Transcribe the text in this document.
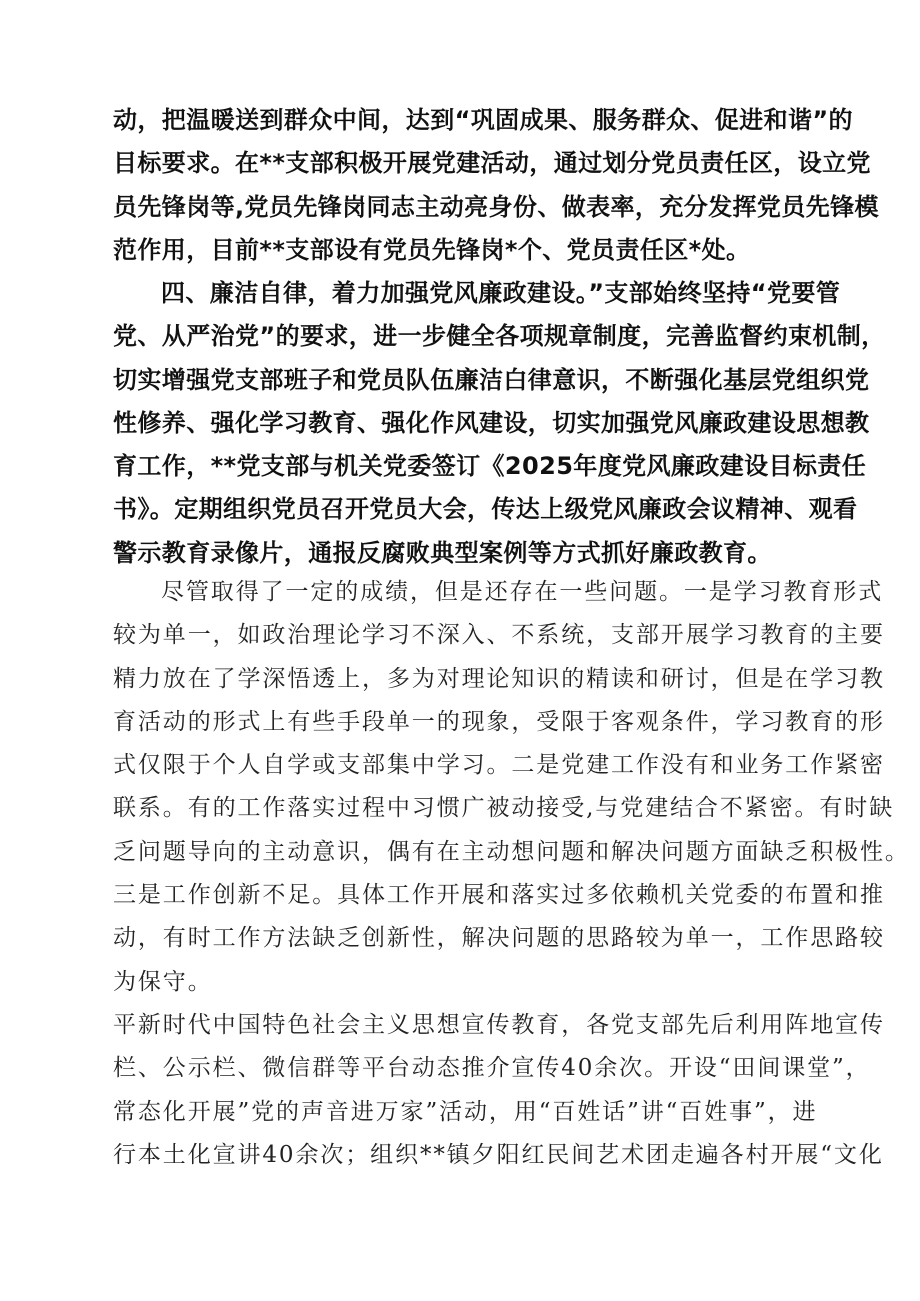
动，把温暖送到群众中间，达到“巩固成果、服务群众、促进和谐”的
目标要求。在**支部积极开展党建活动，通过划分党员责任区，设立党
员先锋岗等,党员先锋岗同志主动亮身份、做表率，充分发挥党员先锋模
范作用，目前**支部设有党员先锋岗*个、党员责任区*处。
四、廉洁自律，着力加强党风廉政建设。”支部始终坚持“党要管
党、从严治党”的要求，进一步健全各项规章制度，完善监督约束机制，
切实增强党支部班子和党员队伍廉洁白律意识，不断强化基层党组织党
性修养、强化学习教育、强化作风建设，切实加强党风廉政建设思想教
育工作，**党支部与机关党委签订《2025年度党风廉政建设目标责任
书》。定期组织党员召开党员大会，传达上级党风廉政会议精神、观看
警示教育录像片，通报反腐败典型案例等方式抓好廉政教育。
尽管取得了一定的成绩，但是还存在一些问题。一是学习教育形式
较为单一，如政治理论学习不深入、不系统，支部开展学习教育的主要
精力放在了学深悟透上，多为对理论知识的精读和研讨，但是在学习教
育活动的形式上有些手段单一的现象，受限于客观条件，学习教育的形
式仅限于个人自学或支部集中学习。二是党建工作没有和业务工作紧密
联系。有的工作落实过程中习惯广被动接受,与党建结合不紧密。有时缺
乏问题导向的主动意识，偶有在主动想问题和解决问题方面缺乏积极性。
三是工作创新不足。具体工作开展和落实过多依赖机关党委的布置和推
动，有时工作方法缺乏创新性，解决问题的思路较为单一，工作思路较
为保守。
平新时代中国特色社会主义思想宣传教育，各党支部先后利用阵地宣传
栏、公示栏、微信群等平台动态推介宣传40余次。开设“田间课堂”，
常态化开展”党的声音进万家”活动，用“百姓话”讲“百姓事”，进
行本土化宣讲40余次；组织**镇夕阳红民间艺术团走遍各村开展“文化
